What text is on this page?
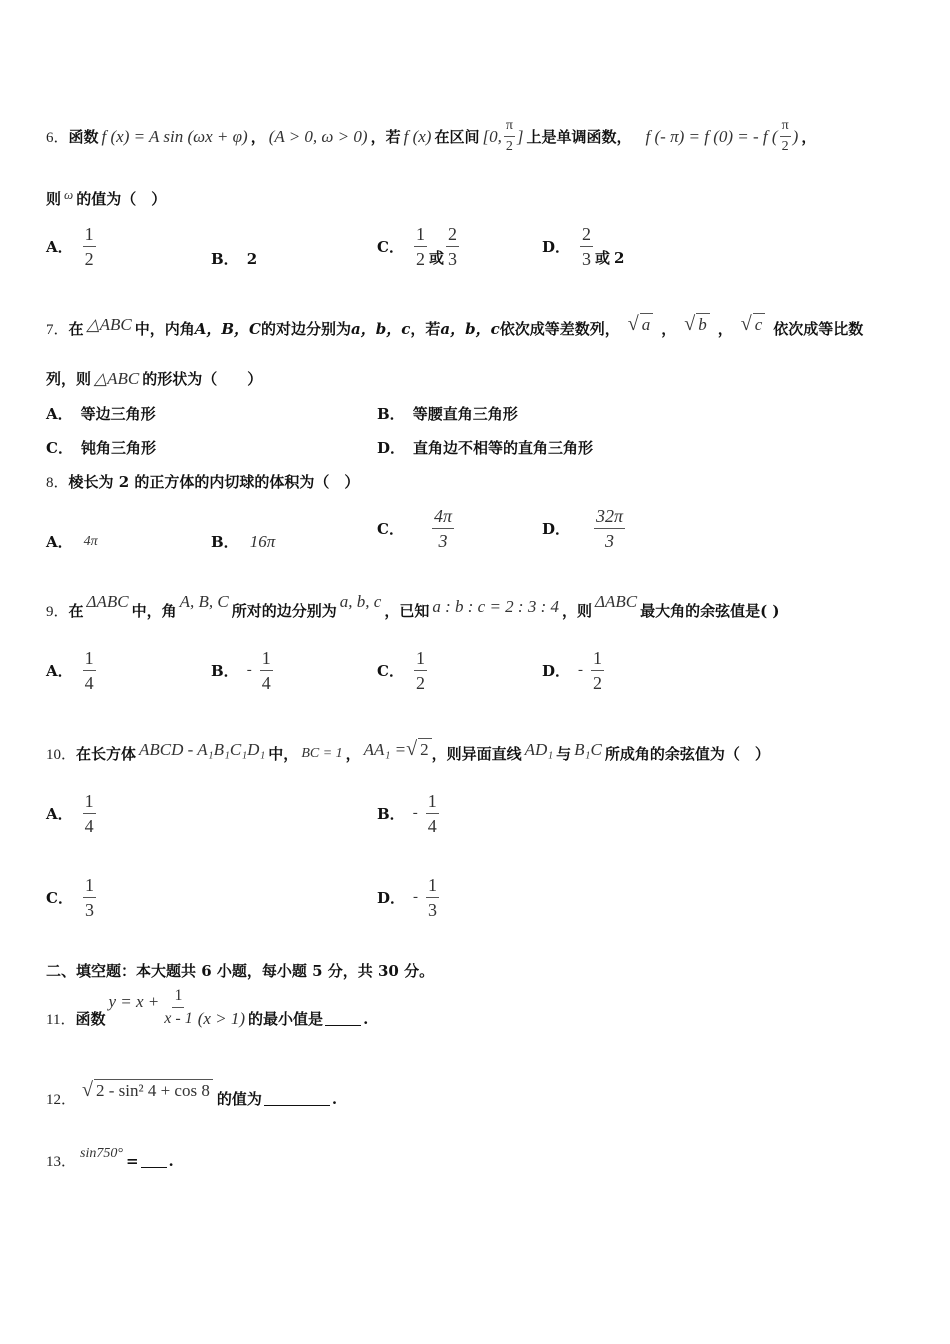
6． 函数 f (x) = A sin (ωx + φ) ， (A > 0, ω > 0) ，若 f (x) 在区间 [0, $\frac{\pi}{2}$ ] 上是单调函数， f (- π) = f (0) = - f ( $\frac{\pi}{2}$ ) ，
则 ω 的值为（　）
A． $\frac{1}{2}$	B． 2
C． $\frac{1}{2}$ 或 $\frac{2}{3}$	D． $\frac{2}{3}$ 或 2
7． 在 △ABC 中，内角 A，B，C 的对边分别为 a，b，c ，若 a，b，c 依次成等差数列， √ a ， √ b ， √ c 依次成等比数
列，则 △ABC 的形状为（　　）
A． 等边三角形	B． 等腰直角三角形
C． 钝角三角形	D． 直角边不相等的直角三角形
8． 棱长为 2 的正方体的内切球的体积为（　）
A． 4π	B． 16π
C． $\frac{4\pi}{3}$	D． $\frac{32\pi}{3}$
9． 在
ΔABC
中，角
A, B, C
所对的边分别为
a, b, c
，已知 a : b : c = 2 : 3 : 4 ，则
ΔABC
最大角的余弦值是( )
A． $\frac{1}{4}$	B． - $\frac{1}{4}$	C． $\frac{1}{2}$	D． - $\frac{1}{2}$
10． 在长方体 ABCD - A₁B₁C₁D₁ 中， BC = 1 ， AA₁ = √ 2 ，则异面直线 AD₁ 与 B₁C 所成角的余弦值为（　）
A． $\frac{1}{4}$	B． - $\frac{1}{4}$
C． $\frac{1}{3}$	D． - $\frac{1}{3}$
二、填空题：本大题共 6 小题，每小题 5 分，共 30 分。
11． 函数
$y = x + \frac{1}{x - 1} (x > 1)$ 的最小值是	.
12． √ 2 - sin² 4 + cos 8 的值为	.
13．
sin750° = .
